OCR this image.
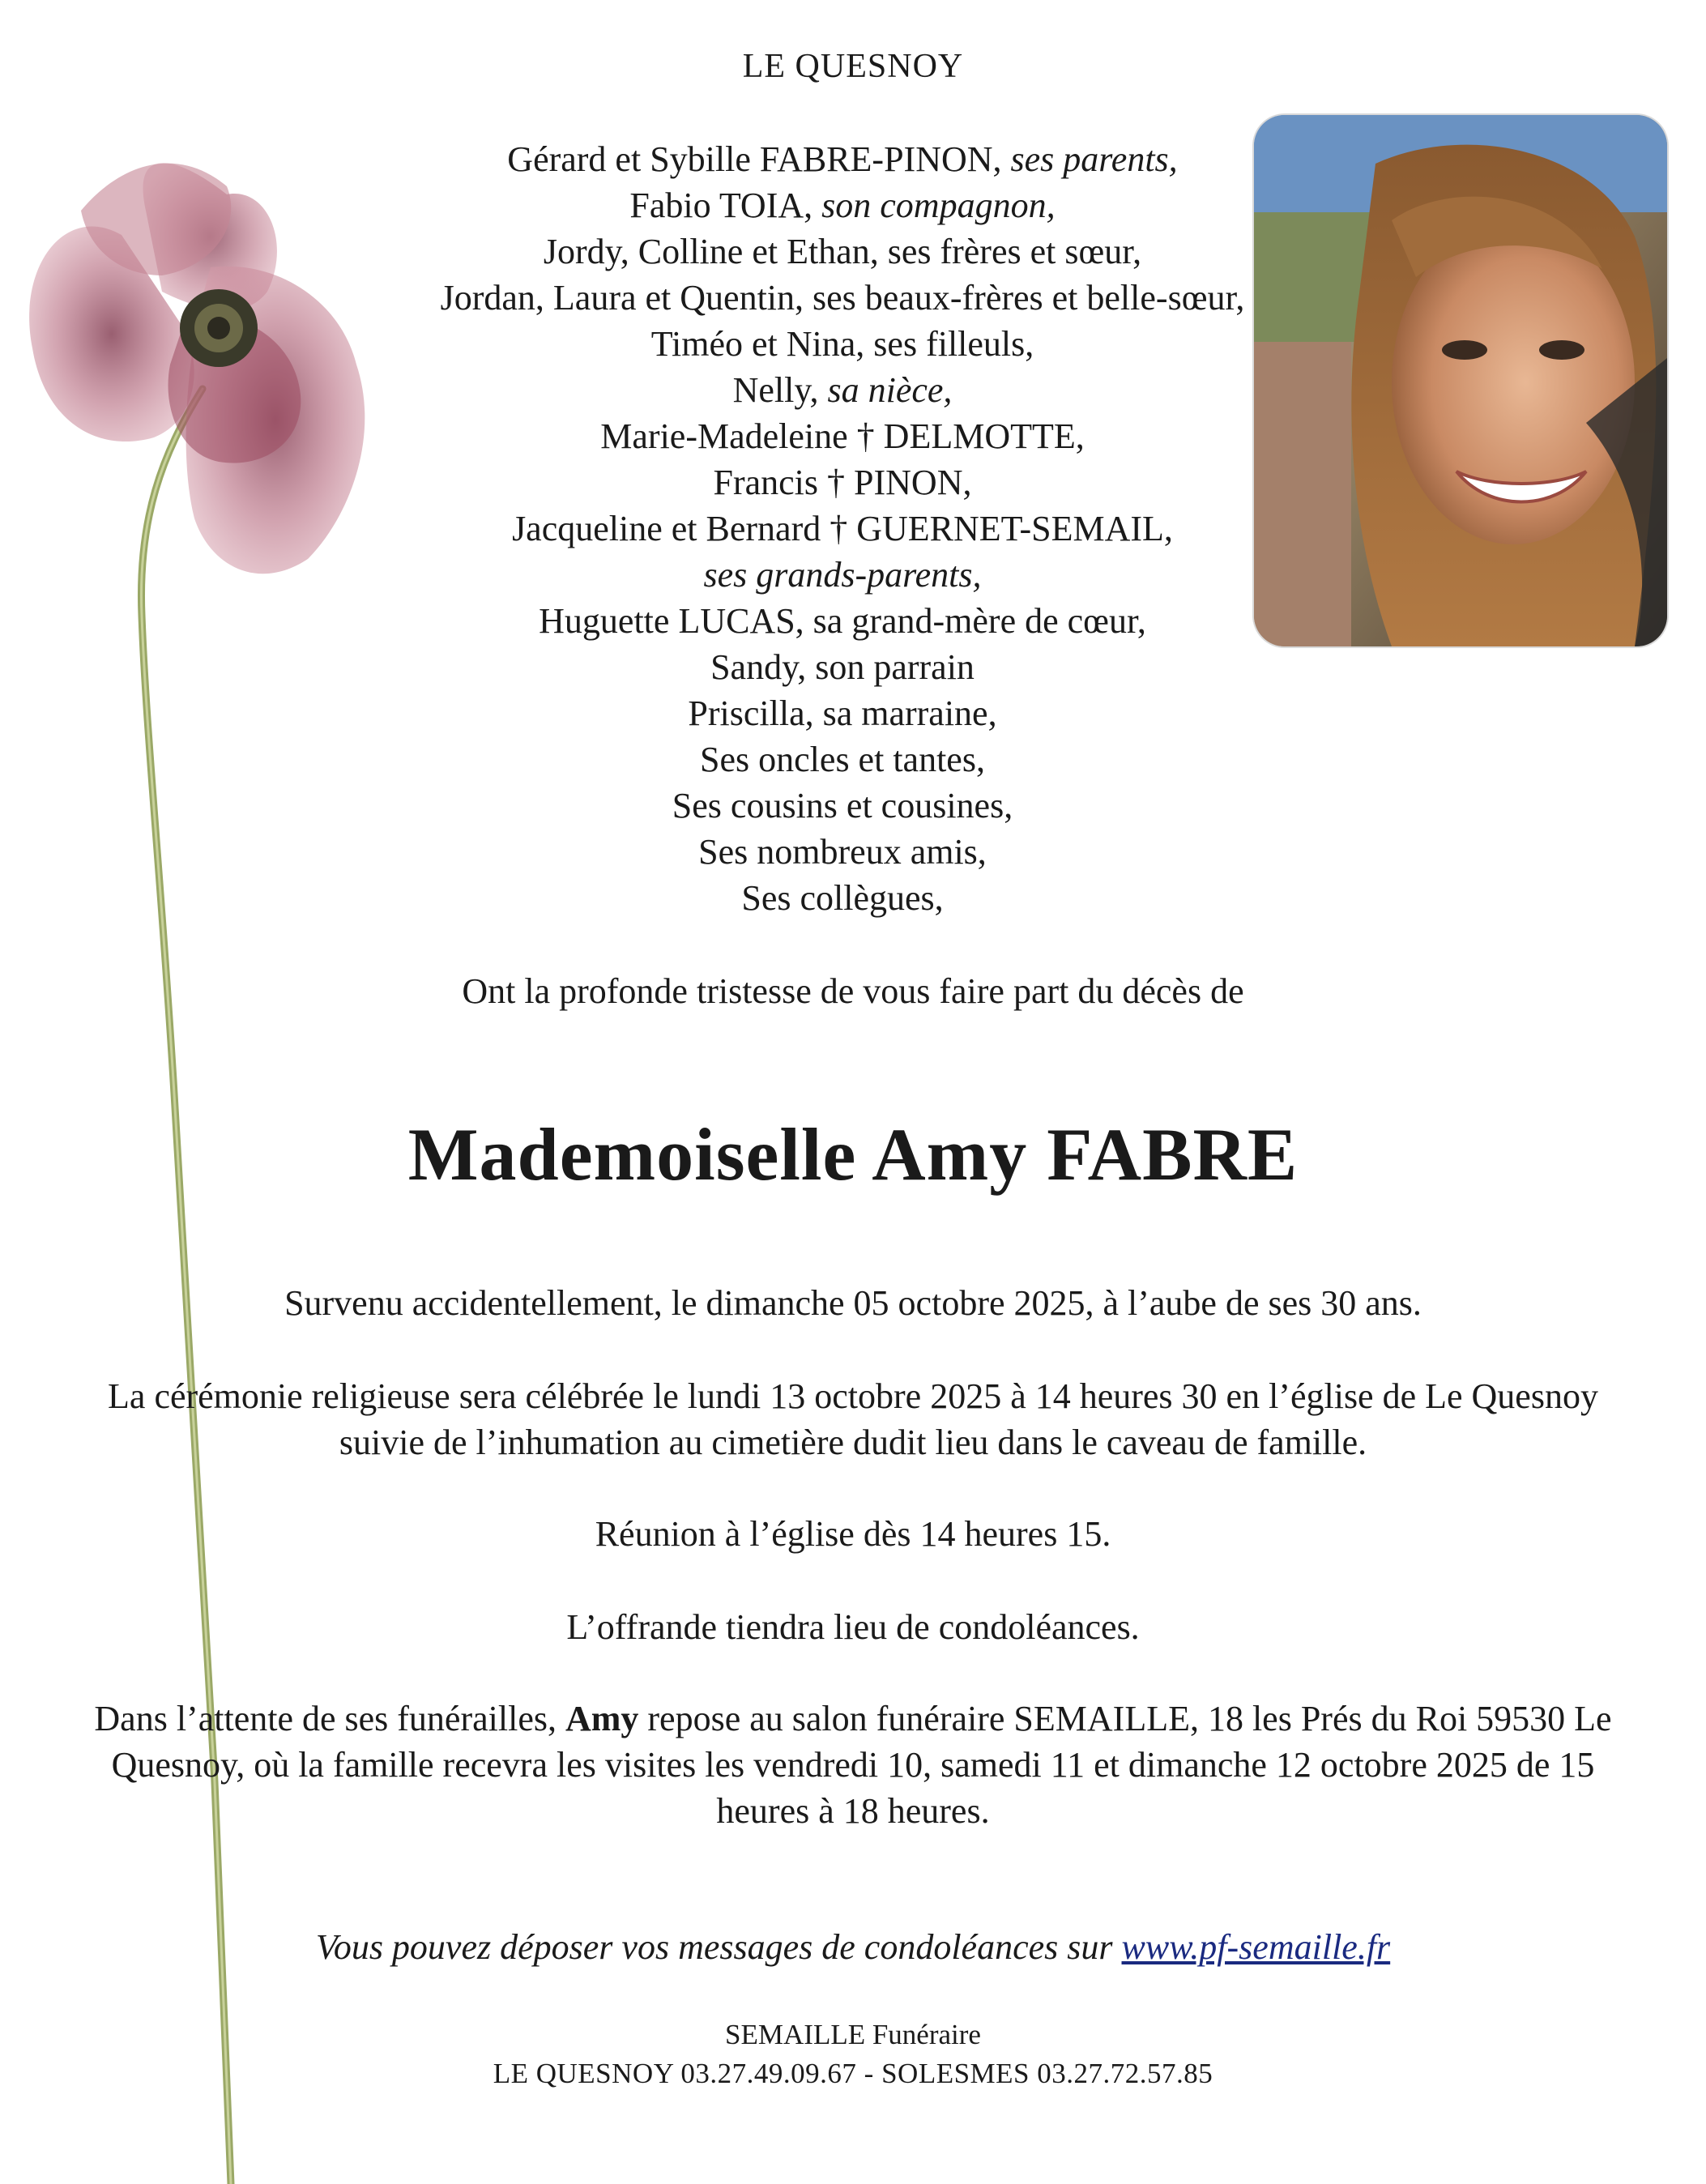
LE QUESNOY
Gérard et Sybille FABRE-PINON, ses parents,
Fabio TOIA, son compagnon,
Jordy, Colline et Ethan, ses frères et sœur,
Jordan, Laura et Quentin, ses beaux-frères et belle-sœur,
Timéo et Nina, ses filleuls,
Nelly, sa nièce,
Marie-Madeleine † DELMOTTE,
Francis † PINON,
Jacqueline et Bernard † GUERNET-SEMAIL,
ses grands-parents,
Huguette LUCAS, sa grand-mère de cœur,
Sandy, son parrain
Priscilla, sa marraine,
Ses oncles et tantes,
Ses cousins et cousines,
Ses nombreux amis,
Ses collègues,
Ont la profonde tristesse de vous faire part du décès de
Mademoiselle Amy FABRE
Survenu accidentellement, le dimanche 05 octobre 2025, à l’aube de ses 30 ans.
La cérémonie religieuse sera célébrée le lundi 13 octobre 2025 à 14 heures 30 en l’église de Le Quesnoy suivie de l’inhumation au cimetière dudit lieu dans le caveau de famille.
Réunion à l’église dès 14 heures 15.
L’offrande tiendra lieu de condoléances.
Dans l’attente de ses funérailles, Amy repose au salon funéraire SEMAILLE, 18 les Prés du Roi 59530 Le Quesnoy, où la famille recevra les visites les vendredi 10, samedi 11 et dimanche 12 octobre 2025 de 15 heures à 18 heures.
Vous pouvez déposer vos messages de condoléances sur www.pf-semaille.fr
SEMAILLE Funéraire
LE QUESNOY 03.27.49.09.67 - SOLESMES 03.27.72.57.85
